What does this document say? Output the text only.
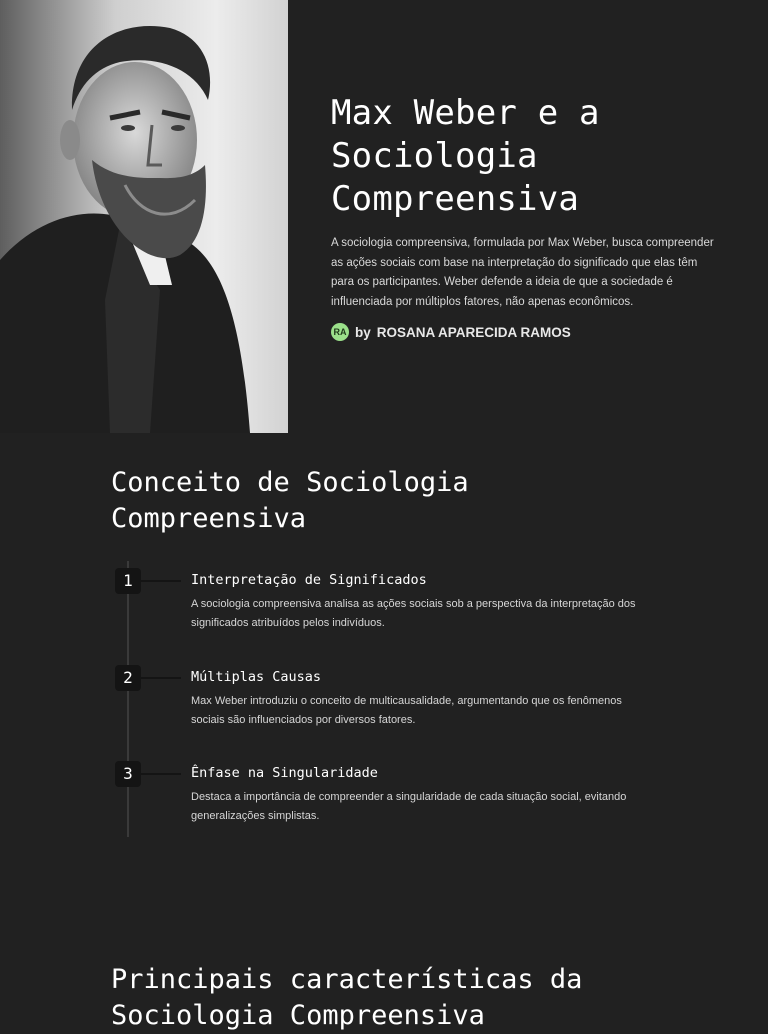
Max Weber e a Sociologia Compreensiva

A sociologia compreensiva, formulada por Max Weber, busca compreender as ações sociais com base na interpretação do significado que elas têm para os participantes. Weber defende a ideia de que a sociedade é influenciada por múltiplos fatores, não apenas econômicos.

RA by ROSANA APARECIDA RAMOS
Conceito de Sociologia Compreensiva
1	Interpretação de Significados
A sociologia compreensiva analisa as ações sociais sob a perspectiva da interpretação dos significados atribuídos pelos indivíduos.
2	Múltiplas Causas
Max Weber introduziu o conceito de multicausalidade, argumentando que os fenômenos sociais são influenciados por diversos fatores.
3	Ênfase na Singularidade
Destaca a importância de compreender a singularidade de cada situação social, evitando generalizações simplistas.
Principais características da Sociologia Compreensiva
